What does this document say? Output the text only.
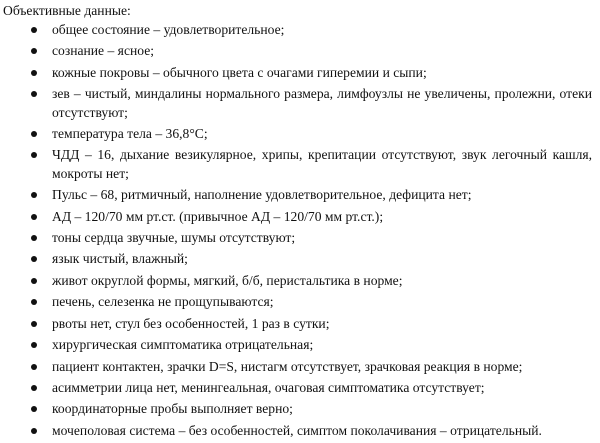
Объективные данные:
общее состояние – удовлетворительное;
сознание – ясное;
кожные покровы – обычного цвета с очагами гиперемии и сыпи;
зев – чистый, миндалины нормального размера, лимфоузлы не увеличены, пролежни, отеки отсутствуют;
температура тела – 36,8°С;
ЧДД – 16, дыхание везикулярное, хрипы, крепитации отсутствуют, звук легочный кашля, мокроты нет;
Пульс – 68, ритмичный, наполнение удовлетворительное, дефицита нет;
АД – 120/70 мм рт.ст. (привычное АД – 120/70 мм рт.ст.);
тоны сердца звучные, шумы отсутствуют;
язык чистый, влажный;
живот округлой формы, мягкий, б/б, перистальтика в норме;
печень, селезенка не прощупываются;
рвоты нет, стул без особенностей, 1 раз в сутки;
хирургическая симптоматика отрицательная;
пациент контактен, зрачки D=S, нистагм отсутствует, зрачковая реакция в норме;
асимметрии лица нет, менингеальная, очаговая симптоматика отсутствует;
координаторные пробы выполняет верно;
мочеполовая система – без особенностей, симптом поколачивания – отрицательный.
